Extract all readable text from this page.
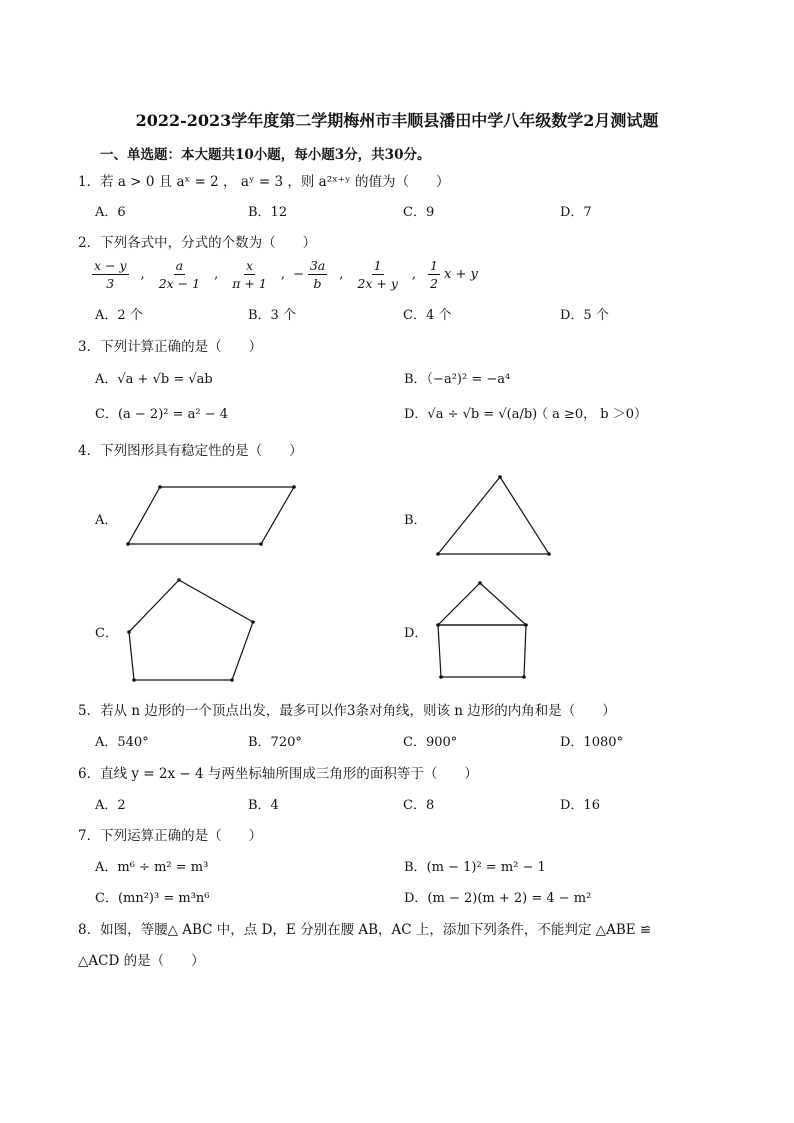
2022-2023学年度第二学期梅州市丰顺县潘田中学八年级数学2月测试题
一、单选题：本大题共10小题，每小题3分，共30分。
1．若 a > 0 且 aˣ = 2 ， aʸ = 3 ，则 a²ˣ⁺ʸ 的值为（　　）
A．6	B．12	C．9	D．7
2．下列各式中，分式的个数为（　　）
$\frac{x - y}{3}$ , $\frac{a}{2x - 1}$ , $\frac{x}{\pi + 1}$ , − $\frac{3a}{b}$ , $\frac{1}{2x + y}$ , $\frac{1}{2}$ x + y
A．2 个	B．3 个	C．4 个	D．5 个
3．下列计算正确的是（　　）
A．√a + √b = √ab	B．（−a²)² = −a⁴
C．(a − 2)² = a² − 4	D．√a ÷ √b = √(a/b)
（ a ≥0， b ＞0）
4．下列图形具有稳定性的是（　　）
A．	B．
C．	D．
5．若从 n 边形的一个顶点出发，最多可以作3条对角线，则该 n 边形的内角和是（　　）
A．540°	B．720°	C．900°	D．1080°
6．直线 y = 2x − 4 与两坐标轴所围成三角形的面积等于（　　）
A．2	B．4	C．8	D．16
7．下列运算正确的是（　　）
A．m⁶ ÷ m² = m³	B．(m − 1)² = m² − 1
C．(mn²)³ = m³n⁶	D．(m − 2)(m + 2) = 4 − m²
8．如图，等腰△ ABC 中，点 D，E 分别在腰 AB，AC 上，添加下列条件，不能判定 △ABE ≌
△ACD 的是（　　）
